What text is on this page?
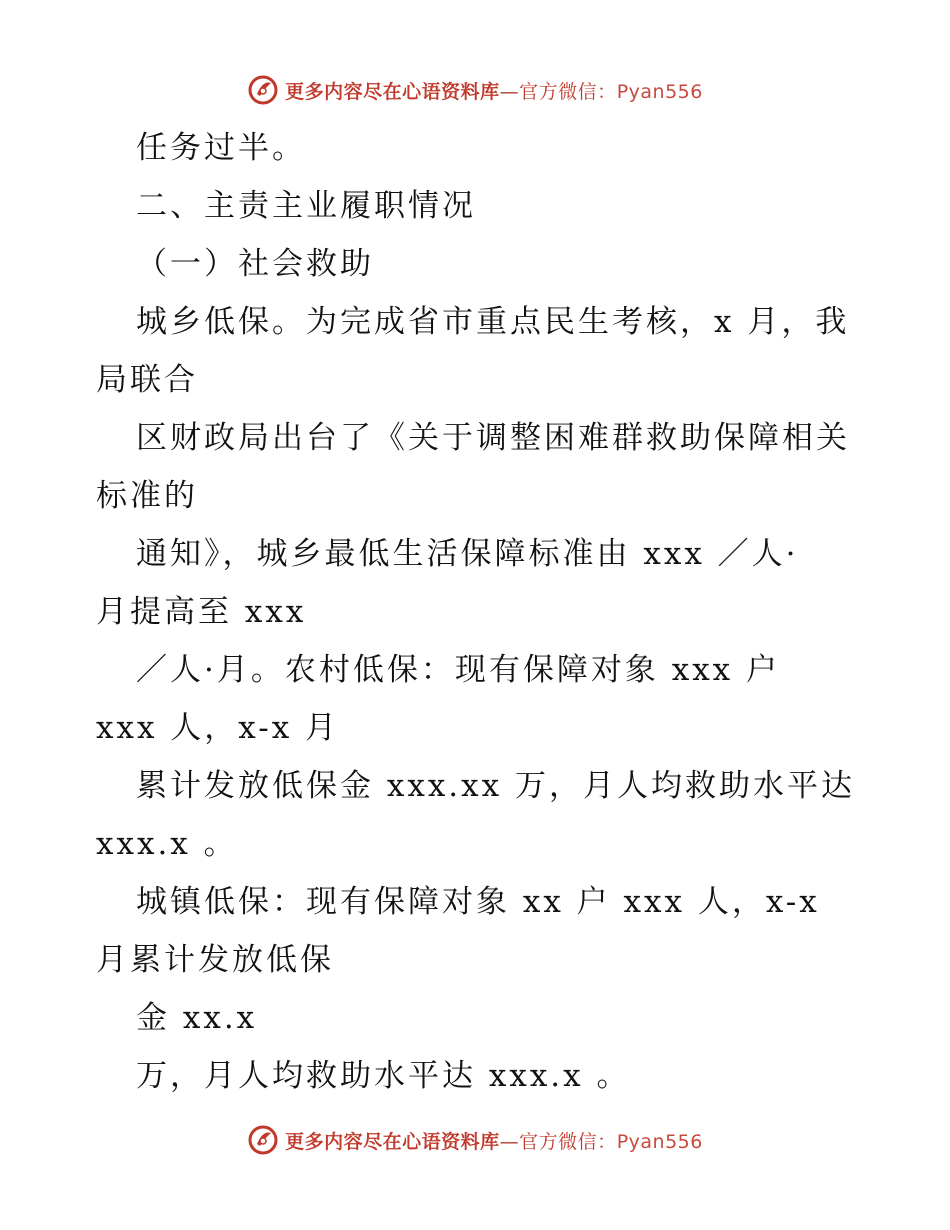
更多内容尽在心语资料库—官方微信：Pyan556
任务过半。
二、主责主业履职情况
（一）社会救助
城乡低保。为完成省市重点民生考核，x 月，我
局联合
区财政局出台了《关于调整困难群救助保障相关
标准的
通知》，城乡最低生活保障标准由 xxx ／人·
月提高至 xxx
／人·月。农村低保：现有保障对象 xxx 户
xxx 人，x-x 月
累计发放低保金 xxx.xx 万，月人均救助水平达
xxx.x 。
城镇低保：现有保障对象 xx 户 xxx 人，x-x
月累计发放低保
金 xx.x
万，月人均救助水平达 xxx.x 。
更多内容尽在心语资料库—官方微信：Pyan556
